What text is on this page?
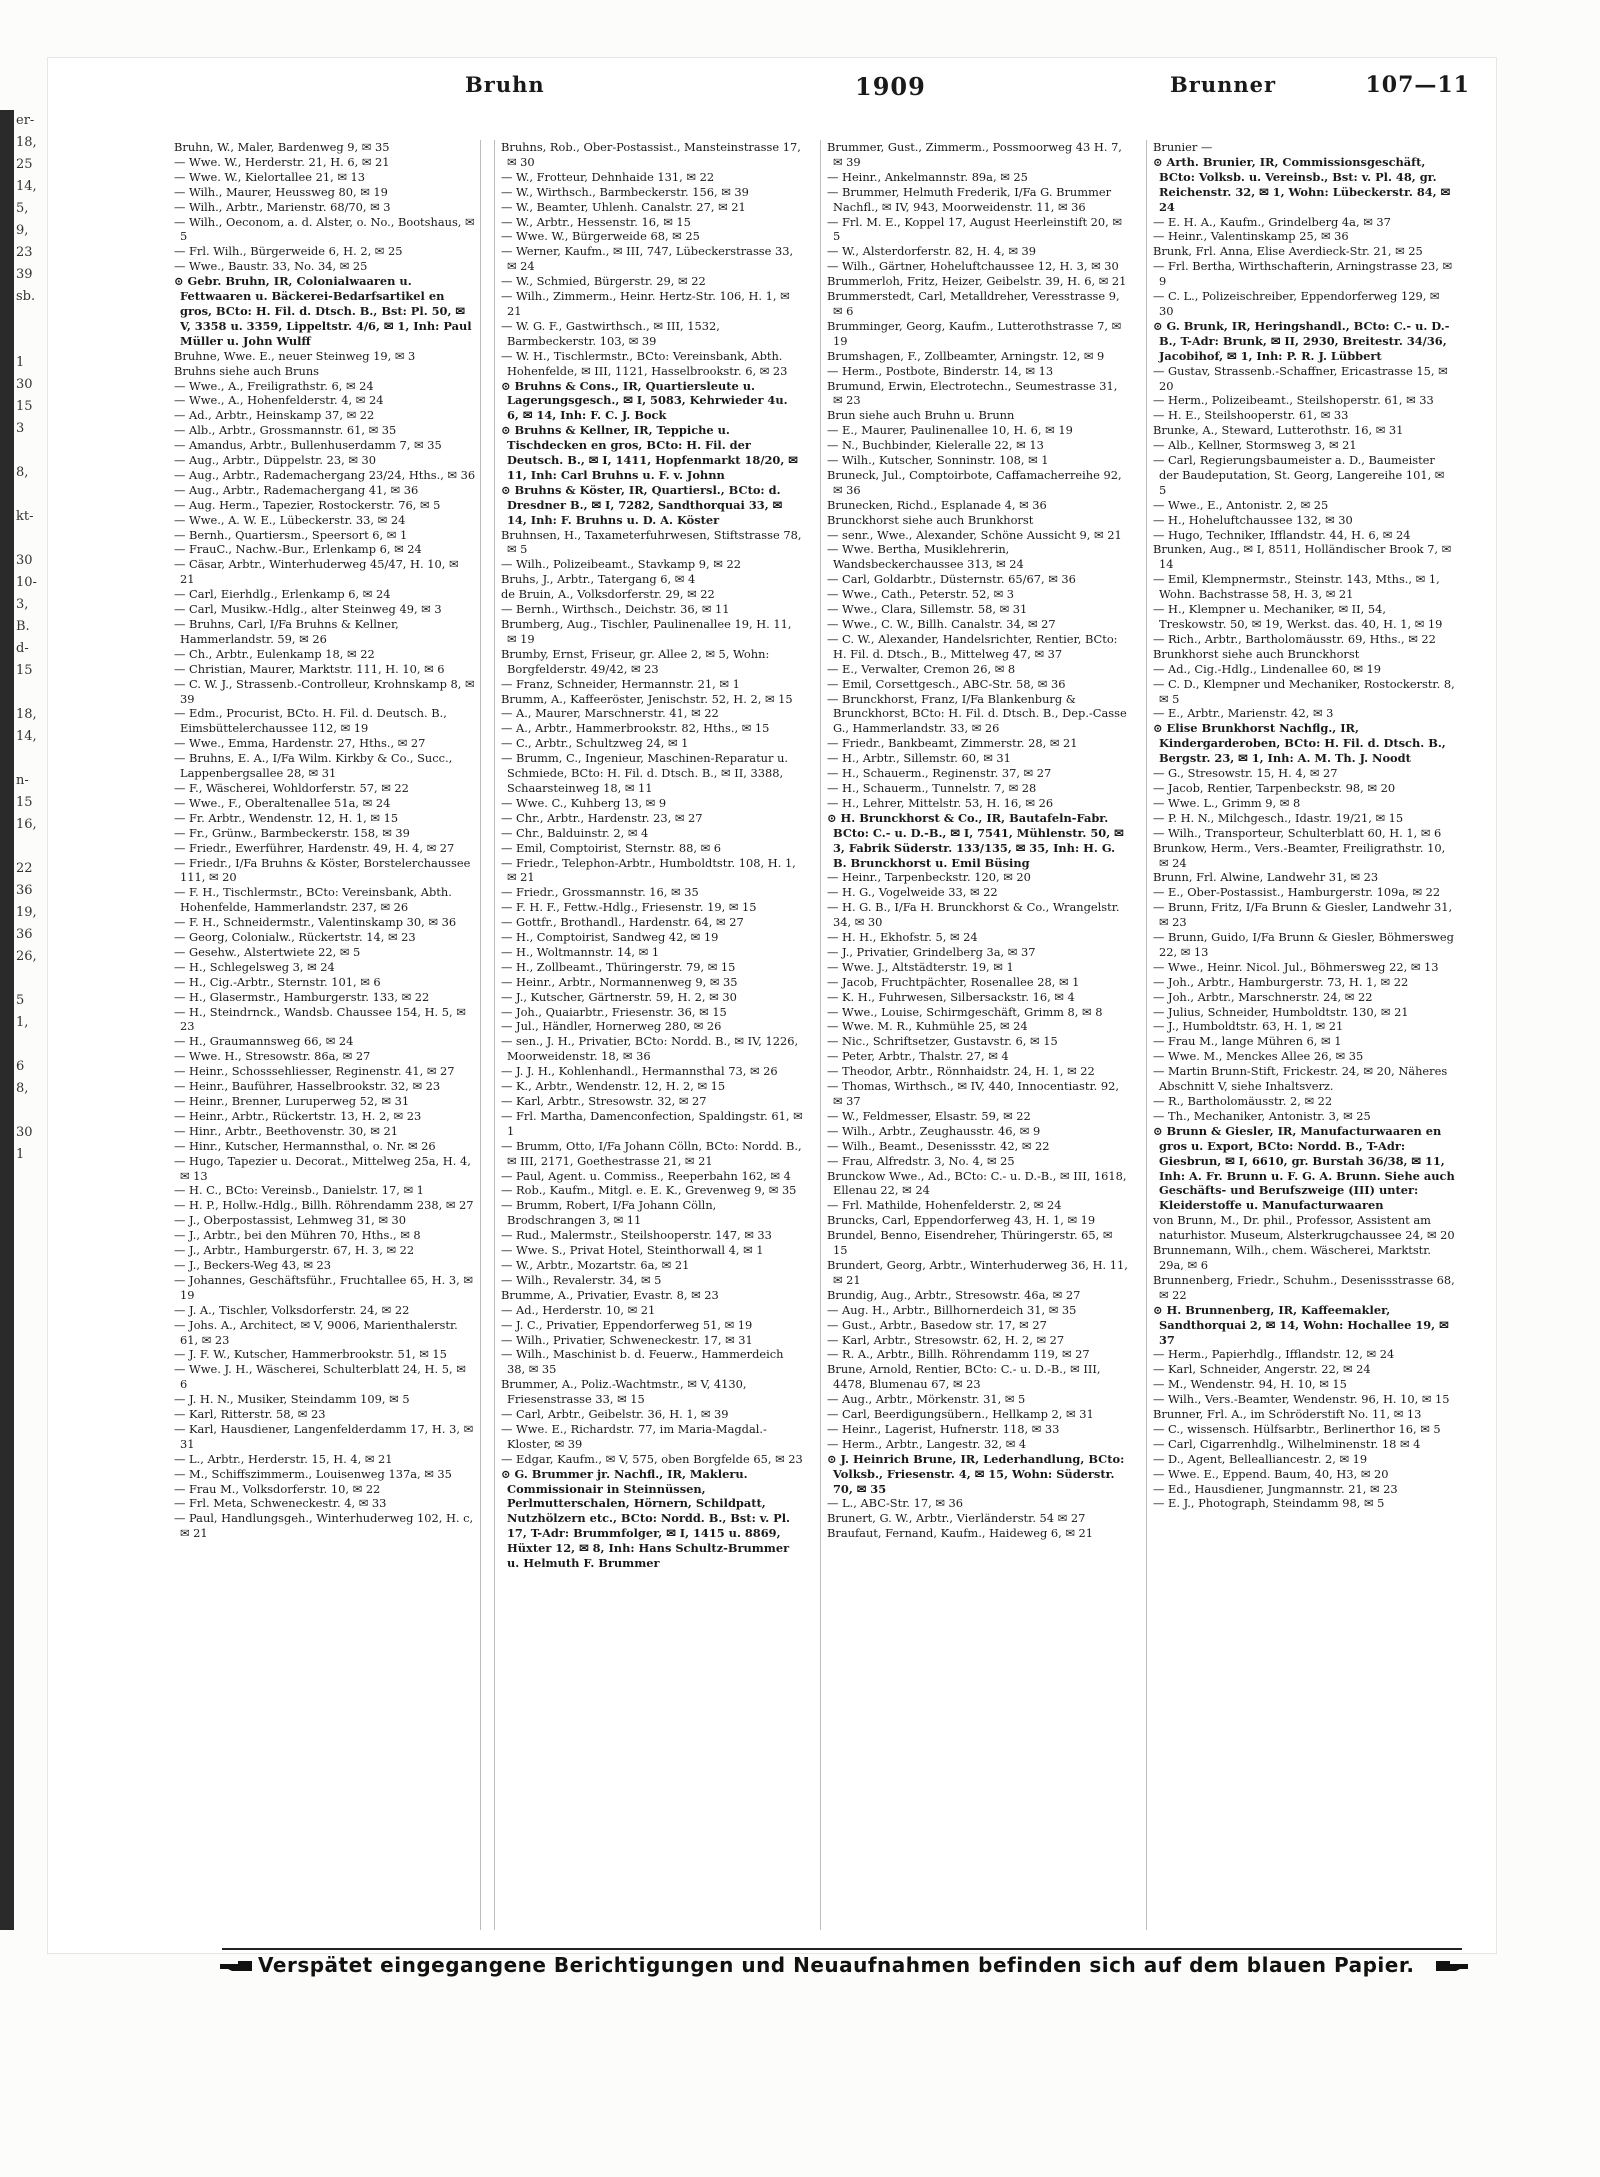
er-
18,
25
14,
5,
9,
23
39
sb.

1
30
15
3

8,

kt-

30
10-
3,
B.
d-
15

18,
14,

n-
15
16,

22
36
19,
36
26,

5
1,

6
8,

30
1
Bruhn	1909	Brunner	107—11

Bruhn, W., Maler, Bardenweg 9, ✉ 35

— Wwe. W., Herderstr. 21, H. 6, ✉ 21

— Wwe. W., Kielortallee 21, ✉ 13

— Wilh., Maurer, Heussweg 80, ✉ 19

— Wilh., Arbtr., Marienstr. 68/70, ✉ 3

— Wilh., Oeconom, a. d. Alster, o. No., Bootshaus, ✉ 5

— Frl. Wilh., Bürgerweide 6, H. 2, ✉ 25

— Wwe., Baustr. 33, No. 34, ✉ 25

⊙ Gebr. Bruhn, IR, Colonialwaaren u. Fettwaaren u. Bäckerei-Bedarfsartikel en gros, BCto: H. Fil. d. Dtsch. B., Bst: Pl. 50, ✉ V, 3358 u. 3359, Lippeltstr. 4/6, ✉ 1, Inh: Paul Müller u. John Wulff

Bruhne, Wwe. E., neuer Steinweg 19, ✉ 3

Bruhns siehe auch Bruns

— Wwe., A., Freiligrathstr. 6, ✉ 24

— Wwe., A., Hohenfelderstr. 4, ✉ 24

— Ad., Arbtr., Heinskamp 37, ✉ 22

— Alb., Arbtr., Grossmannstr. 61, ✉ 35

— Amandus, Arbtr., Bullenhuserdamm 7, ✉ 35

— Aug., Arbtr., Düppelstr. 23, ✉ 30

— Aug., Arbtr., Rademachergang 23/24, Hths., ✉ 36

— Aug., Arbtr., Rademachergang 41, ✉ 36

— Aug. Herm., Tapezier, Rostockerstr. 76, ✉ 5

— Wwe., A. W. E., Lübeckerstr. 33, ✉ 24

— Bernh., Quartiersm., Speersort 6, ✉ 1

— FrauC., Nachw.-Bur., Erlenkamp 6, ✉ 24

— Cäsar, Arbtr., Winterhuderweg 45/47, H. 10, ✉ 21

— Carl, Eierhdlg., Erlenkamp 6, ✉ 24

— Carl, Musikw.-Hdlg., alter Steinweg 49, ✉ 3

— Bruhns, Carl, I/Fa Bruhns & Kellner, Hammerlandstr. 59, ✉ 26

— Ch., Arbtr., Eulenkamp 18, ✉ 22

— Christian, Maurer, Marktstr. 111, H. 10, ✉ 6

— C. W. J., Strassenb.-Controlleur, Krohnskamp 8, ✉ 39

— Edm., Procurist, BCto. H. Fil. d. Deutsch. B., Eimsbüttelerchaussee 112, ✉ 19

— Wwe., Emma, Hardenstr. 27, Hths., ✉ 27

— Bruhns, E. A., I/Fa Wilm. Kirkby & Co., Succ., Lappenbergsallee 28, ✉ 31

— F., Wäscherei, Wohldorferstr. 57, ✉ 22

— Wwe., F., Oberaltenallee 51a, ✉ 24

— Fr. Arbtr., Wendenstr. 12, H. 1, ✉ 15

— Fr., Grünw., Barmbeckerstr. 158, ✉ 39

— Friedr., Ewerführer, Hardenstr. 49, H. 4, ✉ 27

— Friedr., I/Fa Bruhns & Köster, Borstelerchaussee 111, ✉ 20

— F. H., Tischlermstr., BCto: Vereinsbank, Abth. Hohenfelde, Hammerlandstr. 237, ✉ 26

— F. H., Schneidermstr., Valentinskamp 30, ✉ 36

— Georg, Colonialw., Rückertstr. 14, ✉ 23

— Gesehw., Alstertwiete 22, ✉ 5

— H., Schlegelsweg 3, ✉ 24

— H., Cig.-Arbtr., Sternstr. 101, ✉ 6

— H., Glasermstr., Hamburgerstr. 133, ✉ 22

— H., Steindrnck., Wandsb. Chaussee 154, H. 5, ✉ 23

— H., Graumannsweg 66, ✉ 24

— Wwe. H., Stresowstr. 86a, ✉ 27

— Heinr., Schosssehliesser, Reginenstr. 41, ✉ 27

— Heinr., Bauführer, Hasselbrookstr. 32, ✉ 23

— Heinr., Brenner, Luruperweg 52, ✉ 31

— Heinr., Arbtr., Rückertstr. 13, H. 2, ✉ 23

— Hinr., Arbtr., Beethovenstr. 30, ✉ 21

— Hinr., Kutscher, Hermannsthal, o. Nr. ✉ 26

— Hugo, Tapezier u. Decorat., Mittelweg 25a, H. 4, ✉ 13

— H. C., BCto: Vereinsb., Danielstr. 17, ✉ 1

— H. P., Hollw.-Hdlg., Billh. Röhrendamm 238, ✉ 27

— J., Oberpostassist, Lehmweg 31, ✉ 30

— J., Arbtr., bei den Mühren 70, Hths., ✉ 8

— J., Arbtr., Hamburgerstr. 67, H. 3, ✉ 22

— J., Beckers-Weg 43, ✉ 23

— Johannes, Geschäftsführ., Fruchtallee 65, H. 3, ✉ 19

— J. A., Tischler, Volksdorferstr. 24, ✉ 22

— Johs. A., Architect, ✉ V, 9006, Marienthalerstr. 61, ✉ 23

— J. F. W., Kutscher, Hammerbrookstr. 51, ✉ 15

— Wwe. J. H., Wäscherei, Schulterblatt 24, H. 5, ✉ 6

— J. H. N., Musiker, Steindamm 109, ✉ 5

— Karl, Ritterstr. 58, ✉ 23

— Karl, Hausdiener, Langenfelderdamm 17, H. 3, ✉ 31

— L., Arbtr., Herderstr. 15, H. 4, ✉ 21

— M., Schiffszimmerm., Louisenweg 137a, ✉ 35

— Frau M., Volksdorferstr. 10, ✉ 22

— Frl. Meta, Schweneckestr. 4, ✉ 33

— Paul, Handlungsgeh., Winterhuderweg 102, H. c, ✉ 21

Bruhns, Rob., Ober-Postassist., Mansteinstrasse 17, ✉ 30

— W., Frotteur, Dehnhaide 131, ✉ 22

— W., Wirthsch., Barmbeckerstr. 156, ✉ 39

— W., Beamter, Uhlenh. Canalstr. 27, ✉ 21

— W., Arbtr., Hessenstr. 16, ✉ 15

— Wwe. W., Bürgerweide 68, ✉ 25

— Werner, Kaufm., ✉ III, 747, Lübeckerstrasse 33, ✉ 24

— W., Schmied, Bürgerstr. 29, ✉ 22

— Wilh., Zimmerm., Heinr. Hertz-Str. 106, H. 1, ✉ 21

— W. G. F., Gastwirthsch., ✉ III, 1532, Barmbeckerstr. 103, ✉ 39

— W. H., Tischlermstr., BCto: Vereinsbank, Abth. Hohenfelde, ✉ III, 1121, Hasselbrookstr. 6, ✉ 23

⊙ Bruhns & Cons., IR, Quartiersleute u. Lagerungsgesch., ✉ I, 5083, Kehrwieder 4u. 6, ✉ 14, Inh: F. C. J. Bock

⊙ Bruhns & Kellner, IR, Teppiche u. Tischdecken en gros, BCto: H. Fil. der Deutsch. B., ✉ I, 1411, Hopfenmarkt 18/20, ✉ 11, Inh: Carl Bruhns u. F. v. Johnn

⊙ Bruhns & Köster, IR, Quartiersl., BCto: d. Dresdner B., ✉ I, 7282, Sandthorquai 33, ✉ 14, Inh: F. Bruhns u. D. A. Köster

Bruhnsen, H., Taxameterfuhrwesen, Stiftstrasse 78, ✉ 5

— Wilh., Polizeibeamt., Stavkamp 9, ✉ 22

Bruhs, J., Arbtr., Tatergang 6, ✉ 4

de Bruin, A., Volksdorferstr. 29, ✉ 22

— Bernh., Wirthsch., Deichstr. 36, ✉ 11

Brumberg, Aug., Tischler, Paulinenallee 19, H. 11, ✉ 19

Brumby, Ernst, Friseur, gr. Allee 2, ✉ 5, Wohn: Borgfelderstr. 49/42, ✉ 23

— Franz, Schneider, Hermannstr. 21, ✉ 1

Brumm, A., Kaffeeröster, Jenischstr. 52, H. 2, ✉ 15

— A., Maurer, Marschnerstr. 41, ✉ 22

— A., Arbtr., Hammerbrookstr. 82, Hths., ✉ 15

— C., Arbtr., Schultzweg 24, ✉ 1

— Brumm, C., Ingenieur, Maschinen-Reparatur u. Schmiede, BCto: H. Fil. d. Dtsch. B., ✉ II, 3388, Schaarsteinweg 18, ✉ 11

— Wwe. C., Kuhberg 13, ✉ 9

— Chr., Arbtr., Hardenstr. 23, ✉ 27

— Chr., Balduinstr. 2, ✉ 4

— Emil, Comptoirist, Sternstr. 88, ✉ 6

— Friedr., Telephon-Arbtr., Humboldtstr. 108, H. 1, ✉ 21

— Friedr., Grossmannstr. 16, ✉ 35

— F. H. F., Fettw.-Hdlg., Friesenstr. 19, ✉ 15

— Gottfr., Brothandl., Hardenstr. 64, ✉ 27

— H., Comptoirist, Sandweg 42, ✉ 19

— H., Woltmannstr. 14, ✉ 1

— H., Zollbeamt., Thüringerstr. 79, ✉ 15

— Heinr., Arbtr., Normannenweg 9, ✉ 35

— J., Kutscher, Gärtnerstr. 59, H. 2, ✉ 30

— Joh., Quaiarbtr., Friesenstr. 36, ✉ 15

— Jul., Händler, Hornerweg 280, ✉ 26

— sen., J. H., Privatier, BCto: Nordd. B., ✉ IV, 1226, Moorweidenstr. 18, ✉ 36

— J. J. H., Kohlenhandl., Hermannsthal 73, ✉ 26

— K., Arbtr., Wendenstr. 12, H. 2, ✉ 15

— Karl, Arbtr., Stresowstr. 32, ✉ 27

— Frl. Martha, Damenconfection, Spaldingstr. 61, ✉ 1

— Brumm, Otto, I/Fa Johann Cölln, BCto: Nordd. B., ✉ III, 2171, Goethestrasse 21, ✉ 21

— Paul, Agent. u. Commiss., Reeperbahn 162, ✉ 4

— Rob., Kaufm., Mitgl. e. E. K., Grevenweg 9, ✉ 35

— Brumm, Robert, I/Fa Johann Cölln, Brodschrangen 3, ✉ 11

— Rud., Malermstr., Steilshooperstr. 147, ✉ 33

— Wwe. S., Privat Hotel, Steinthorwall 4, ✉ 1

— W., Arbtr., Mozartstr. 6a, ✉ 21

— Wilh., Revalerstr. 34, ✉ 5

Brumme, A., Privatier, Evastr. 8, ✉ 23

— Ad., Herderstr. 10, ✉ 21

— J. C., Privatier, Eppendorferweg 51, ✉ 19

— Wilh., Privatier, Schweneckestr. 17, ✉ 31

— Wilh., Maschinist b. d. Feuerw., Hammerdeich 38, ✉ 35

Brummer, A., Poliz.-Wachtmstr., ✉ V, 4130, Friesenstrasse 33, ✉ 15

— Carl, Arbtr., Geibelstr. 36, H. 1, ✉ 39

— Wwe. E., Richardstr. 77, im Maria-Magdal.-Kloster, ✉ 39

— Edgar, Kaufm., ✉ V, 575, oben Borgfelde 65, ✉ 23

⊙ G. Brummer jr. Nachfl., IR, Makleru. Commissionair in Steinnüssen, Perlmutterschalen, Hörnern, Schildpatt, Nutzhölzern etc., BCto: Nordd. B., Bst: v. Pl. 17, T-Adr: Brummfolger, ✉ I, 1415 u. 8869, Hüxter 12, ✉ 8, Inh: Hans Schultz-Brummer u. Helmuth F. Brummer

Brummer, Gust., Zimmerm., Possmoorweg 43 H. 7, ✉ 39

— Heinr., Ankelmannstr. 89a, ✉ 25

— Brummer, Helmuth Frederik, I/Fa G. Brummer Nachfl., ✉ IV, 943, Moorweidenstr. 11, ✉ 36

— Frl. M. E., Koppel 17, August Heerleinstift 20, ✉ 5

— W., Alsterdorferstr. 82, H. 4, ✉ 39

— Wilh., Gärtner, Hoheluftchaussee 12, H. 3, ✉ 30

Brummerloh, Fritz, Heizer, Geibelstr. 39, H. 6, ✉ 21

Brummerstedt, Carl, Metalldreher, Veresstrasse 9, ✉ 6

Brumminger, Georg, Kaufm., Lutterothstrasse 7, ✉ 19

Brumshagen, F., Zollbeamter, Arningstr. 12, ✉ 9

— Herm., Postbote, Binderstr. 14, ✉ 13

Brumund, Erwin, Electrotechn., Seumestrasse 31, ✉ 23

Brun siehe auch Bruhn u. Brunn

— E., Maurer, Paulinenallee 10, H. 6, ✉ 19

— N., Buchbinder, Kieleralle 22, ✉ 13

— Wilh., Kutscher, Sonninstr. 108, ✉ 1

Bruneck, Jul., Comptoirbote, Caffamacherreihe 92, ✉ 36

Brunecken, Richd., Esplanade 4, ✉ 36

Brunckhorst siehe auch Brunkhorst

— senr., Wwe., Alexander, Schöne Aussicht 9, ✉ 21

— Wwe. Bertha, Musiklehrerin, Wandsbeckerchaussee 313, ✉ 24

— Carl, Goldarbtr., Düsternstr. 65/67, ✉ 36

— Wwe., Cath., Peterstr. 52, ✉ 3

— Wwe., Clara, Sillemstr. 58, ✉ 31

— Wwe., C. W., Billh. Canalstr. 34, ✉ 27

— C. W., Alexander, Handelsrichter, Rentier, BCto: H. Fil. d. Dtsch., B., Mittelweg 47, ✉ 37

— E., Verwalter, Cremon 26, ✉ 8

— Emil, Corsettgesch., ABC-Str. 58, ✉ 36

— Brunckhorst, Franz, I/Fa Blankenburg & Brunckhorst, BCto: H. Fil. d. Dtsch. B., Dep.-Casse G., Hammerlandstr. 33, ✉ 26

— Friedr., Bankbeamt, Zimmerstr. 28, ✉ 21

— H., Arbtr., Sillemstr. 60, ✉ 31

— H., Schauerm., Reginenstr. 37, ✉ 27

— H., Schauerm., Tunnelstr. 7, ✉ 28

— H., Lehrer, Mittelstr. 53, H. 16, ✉ 26

⊙ H. Brunckhorst & Co., IR, Bautafeln-Fabr. BCto: C.- u. D.-B., ✉ I, 7541, Mühlenstr. 50, ✉ 3, Fabrik Süderstr. 133/135, ✉ 35, Inh: H. G. B. Brunckhorst u. Emil Büsing

— Heinr., Tarpenbeckstr. 120, ✉ 20

— H. G., Vogelweide 33, ✉ 22

— H. G. B., I/Fa H. Brunckhorst & Co., Wrangelstr. 34, ✉ 30

— H. H., Ekhofstr. 5, ✉ 24

— J., Privatier, Grindelberg 3a, ✉ 37

— Wwe. J., Altstädterstr. 19, ✉ 1

— Jacob, Fruchtpächter, Rosenallee 28, ✉ 1

— K. H., Fuhrwesen, Silbersackstr. 16, ✉ 4

— Wwe., Louise, Schirmgeschäft, Grimm 8, ✉ 8

— Wwe. M. R., Kuhmühle 25, ✉ 24

— Nic., Schriftsetzer, Gustavstr. 6, ✉ 15

— Peter, Arbtr., Thalstr. 27, ✉ 4

— Theodor, Arbtr., Rönnhaidstr. 24, H. 1, ✉ 22

— Thomas, Wirthsch., ✉ IV, 440, Innocentiastr. 92, ✉ 37

— W., Feldmesser, Elsastr. 59, ✉ 22

— Wilh., Arbtr., Zeughausstr. 46, ✉ 9

— Wilh., Beamt., Desenissstr. 42, ✉ 22

— Frau, Alfredstr. 3, No. 4, ✉ 25

Brunckow Wwe., Ad., BCto: C.- u. D.-B., ✉ III, 1618, Ellenau 22, ✉ 24

— Frl. Mathilde, Hohenfelderstr. 2, ✉ 24

Bruncks, Carl, Eppendorferweg 43, H. 1, ✉ 19

Brundel, Benno, Eisendreher, Thüringerstr. 65, ✉ 15

Brundert, Georg, Arbtr., Winterhuderweg 36, H. 11, ✉ 21

Brundig, Aug., Arbtr., Stresowstr. 46a, ✉ 27

— Aug. H., Arbtr., Billhornerdeich 31, ✉ 35

— Gust., Arbtr., Basedow str. 17, ✉ 27

— Karl, Arbtr., Stresowstr. 62, H. 2, ✉ 27

— R. A., Arbtr., Billh. Röhrendamm 119, ✉ 27

Brune, Arnold, Rentier, BCto: C.- u. D.-B., ✉ III, 4478, Blumenau 67, ✉ 23

— Aug., Arbtr., Mörkenstr. 31, ✉ 5

— Carl, Beerdigungsübern., Hellkamp 2, ✉ 31

— Heinr., Lagerist, Hufnerstr. 118, ✉ 33

— Herm., Arbtr., Langestr. 32, ✉ 4

⊙ J. Heinrich Brune, IR, Lederhandlung, BCto: Volksb., Friesenstr. 4, ✉ 15, Wohn: Süderstr. 70, ✉ 35

— L., ABC-Str. 17, ✉ 36

Brunert, G. W., Arbtr., Vierländerstr. 54 ✉ 27

Braufaut, Fernand, Kaufm., Haideweg 6, ✉ 21

Brunier —

⊙ Arth. Brunier, IR, Commissionsgeschäft, BCto: Volksb. u. Vereinsb., Bst: v. Pl. 48, gr. Reichenstr. 32, ✉ 1, Wohn: Lübeckerstr. 84, ✉ 24

— E. H. A., Kaufm., Grindelberg 4a, ✉ 37

— Heinr., Valentinskamp 25, ✉ 36

Brunk, Frl. Anna, Elise Averdieck-Str. 21, ✉ 25

— Frl. Bertha, Wirthschafterin, Arningstrasse 23, ✉ 9

— C. L., Polizeischreiber, Eppendorferweg 129, ✉ 30

⊙ G. Brunk, IR, Heringshandl., BCto: C.- u. D.-B., T-Adr: Brunk, ✉ II, 2930, Breitestr. 34/36, Jacobihof, ✉ 1, Inh: P. R. J. Lübbert

— Gustav, Strassenb.-Schaffner, Ericastrasse 15, ✉ 20

— Herm., Polizeibeamt., Steilshoperstr. 61, ✉ 33

— H. E., Steilshooperstr. 61, ✉ 33

Brunke, A., Steward, Lutterothstr. 16, ✉ 31

— Alb., Kellner, Stormsweg 3, ✉ 21

— Carl, Regierungsbaumeister a. D., Baumeister der Baudeputation, St. Georg, Langereihe 101, ✉ 5

— Wwe., E., Antonistr. 2, ✉ 25

— H., Hoheluftchaussee 132, ✉ 30

— Hugo, Techniker, Ifflandstr. 44, H. 6, ✉ 24

Brunken, Aug., ✉ I, 8511, Holländischer Brook 7, ✉ 14

— Emil, Klempnermstr., Steinstr. 143, Mths., ✉ 1, Wohn. Bachstrasse 58, H. 3, ✉ 21

— H., Klempner u. Mechaniker, ✉ II, 54, Treskowstr. 50, ✉ 19, Werkst. das. 40, H. 1, ✉ 19

— Rich., Arbtr., Bartholomäusstr. 69, Hths., ✉ 22

Brunkhorst siehe auch Brunckhorst

— Ad., Cig.-Hdlg., Lindenallee 60, ✉ 19

— C. D., Klempner und Mechaniker, Rostockerstr. 8, ✉ 5

— E., Arbtr., Marienstr. 42, ✉ 3

⊙ Elise Brunkhorst Nachflg., IR, Kindergarderoben, BCto: H. Fil. d. Dtsch. B., Bergstr. 23, ✉ 1, Inh: A. M. Th. J. Noodt

— G., Stresowstr. 15, H. 4, ✉ 27

— Jacob, Rentier, Tarpenbeckstr. 98, ✉ 20

— Wwe. L., Grimm 9, ✉ 8

— P. H. N., Milchgesch., Idastr. 19/21, ✉ 15

— Wilh., Transporteur, Schulterblatt 60, H. 1, ✉ 6

Brunkow, Herm., Vers.-Beamter, Freiligrathstr. 10, ✉ 24

Brunn, Frl. Alwine, Landwehr 31, ✉ 23

— E., Ober-Postassist., Hamburgerstr. 109a, ✉ 22

— Brunn, Fritz, I/Fa Brunn & Giesler, Landwehr 31, ✉ 23

— Brunn, Guido, I/Fa Brunn & Giesler, Böhmersweg 22, ✉ 13

— Wwe., Heinr. Nicol. Jul., Böhmersweg 22, ✉ 13

— Joh., Arbtr., Hamburgerstr. 73, H. 1, ✉ 22

— Joh., Arbtr., Marschnerstr. 24, ✉ 22

— Julius, Schneider, Humboldtstr. 130, ✉ 21

— J., Humboldtstr. 63, H. 1, ✉ 21

— Frau M., lange Mühren 6, ✉ 1

— Wwe. M., Menckes Allee 26, ✉ 35

— Martin Brunn-Stift, Frickestr. 24, ✉ 20, Näheres Abschnitt V, siehe Inhaltsverz.

— R., Bartholomäusstr. 2, ✉ 22

— Th., Mechaniker, Antonistr. 3, ✉ 25

⊙ Brunn & Giesler, IR, Manufacturwaaren en gros u. Export, BCto: Nordd. B., T-Adr: Giesbrun, ✉ I, 6610, gr. Burstah 36/38, ✉ 11, Inh: A. Fr. Brunn u. F. G. A. Brunn. Siehe auch Geschäfts- und Berufszweige (III) unter: Kleiderstoffe u. Manufacturwaaren

von Brunn, M., Dr. phil., Professor, Assistent am naturhistor. Museum, Alsterkrugchaussee 24, ✉ 20

Brunnemann, Wilh., chem. Wäscherei, Marktstr. 29a, ✉ 6

Brunnenberg, Friedr., Schuhm., Desenissstrasse 68, ✉ 22

⊙ H. Brunnenberg, IR, Kaffeemakler, Sandthorquai 2, ✉ 14, Wohn: Hochallee 19, ✉ 37

— Herm., Papierhdlg., Ifflandstr. 12, ✉ 24

— Karl, Schneider, Angerstr. 22, ✉ 24

— M., Wendenstr. 94, H. 10, ✉ 15

— Wilh., Vers.-Beamter, Wendenstr. 96, H. 10, ✉ 15

Brunner, Frl. A., im Schröderstift No. 11, ✉ 13

— C., wissensch. Hülfsarbtr., Berlinerthor 16, ✉ 5

— Carl, Cigarrenhdlg., Wilhelminenstr. 18 ✉ 4

— D., Agent, Bellealliancestr. 2, ✉ 19

— Wwe. E., Eppend. Baum, 40, H3, ✉ 20

— Ed., Hausdiener, Jungmannstr. 21, ✉ 23

— E. J., Photograph, Steindamm 98, ✉ 5

Verspätet eingegangene Berichtigungen und Neuaufnahmen befinden sich auf dem blauen Papier.
